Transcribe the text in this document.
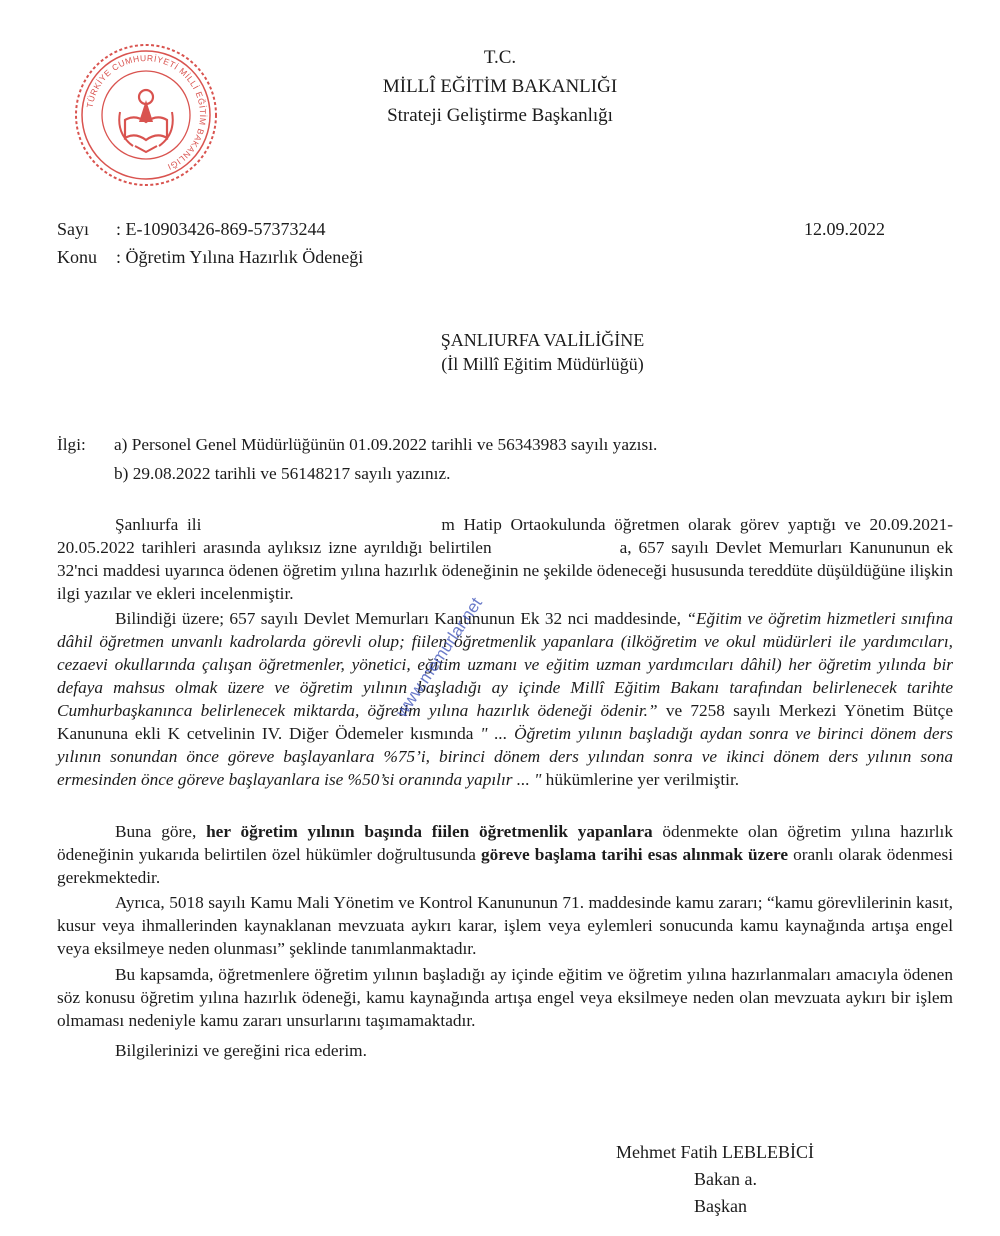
TÜRKİYE CUMHURİYETİ MİLLİ EĞİTİM BAKANLIĞI
T.C.
MİLLÎ EĞİTİM BAKANLIĞI
Strateji Geliştirme Başkanlığı
Sayı : E-10903426-869-57373244	12.09.2022
Konu : Öğretim Yılına Hazırlık Ödeneği
ŞANLIURFA VALİLİĞİNE
(İl Millî Eğitim Müdürlüğü)
İlgi: a) Personel Genel Müdürlüğünün 01.09.2022 tarihli ve 56343983 sayılı yazısı.
b) 29.08.2022 tarihli ve 56148217 sayılı yazınız.
Şanlıurfa ili	m Hatip Ortaokulunda öğretmen olarak görev yaptığı ve 20.09.2021-20.05.2022 tarihleri arasında aylıksız izne ayrıldığı belirtilen	a, 657 sayılı Devlet Memurları Kanununun ek 32'nci maddesi uyarınca ödenen öğretim yılına hazırlık ödeneğinin ne şekilde ödeneceği hususunda tereddüte düşüldüğüne ilişkin ilgi yazılar ve ekleri incelenmiştir.
Bilindiği üzere; 657 sayılı Devlet Memurları Kanununun Ek 32 nci maddesinde, “Eğitim ve öğretim hizmetleri sınıfına dâhil öğretmen unvanlı kadrolarda görevli olup; fiilen öğretmenlik yapanlara (ilköğretim ve okul müdürleri ile yardımcıları, cezaevi okullarında çalışan öğretmenler, yönetici, eğitim uzmanı ve eğitim uzman yardımcıları dâhil) her öğretim yılında bir defaya mahsus olmak üzere ve öğretim yılının başladığı ay içinde Millî Eğitim Bakanı tarafından belirlenecek tarihte Cumhurbaşkanınca belirlenecek miktarda, öğretim yılına hazırlık ödeneği ödenir.” ve 7258 sayılı Merkezi Yönetim Bütçe Kanununa ekli K cetvelinin IV. Diğer Ödemeler kısmında " ... Öğretim yılının başladığı aydan sonra ve birinci dönem ders yılının sonundan önce göreve başlayanlara %75’i, birinci dönem ders yılından sonra ve ikinci dönem ders yılının sona ermesinden önce göreve başlayanlara ise %50’si oranında yapılır ... " hükümlerine yer verilmiştir.
Buna göre, her öğretim yılının başında fiilen öğretmenlik yapanlara ödenmekte olan öğretim yılına hazırlık ödeneğinin yukarıda belirtilen özel hükümler doğrultusunda göreve başlama tarihi esas alınmak üzere oranlı olarak ödenmesi gerekmektedir.
Ayrıca, 5018 sayılı Kamu Mali Yönetim ve Kontrol Kanununun 71. maddesinde kamu zararı; “kamu görevlilerinin kasıt, kusur veya ihmallerinden kaynaklanan mevzuata aykırı karar, işlem veya eylemleri sonucunda kamu kaynağında artışa engel veya eksilmeye neden olunması” şeklinde tanımlanmaktadır.
Bu kapsamda, öğretmenlere öğretim yılının başladığı ay içinde eğitim ve öğretim yılına hazırlanmaları amacıyla ödenen söz konusu öğretim yılına hazırlık ödeneği, kamu kaynağında artışa engel veya eksilmeye neden olan mevzuata aykırı bir işlem olmaması nedeniyle kamu zararı unsurlarını taşımamaktadır.
Bilgilerinizi ve gereğini rica ederim.
www.memurlar.net
Mehmet Fatih LEBLEBİCİ
Bakan a.
Başkan
